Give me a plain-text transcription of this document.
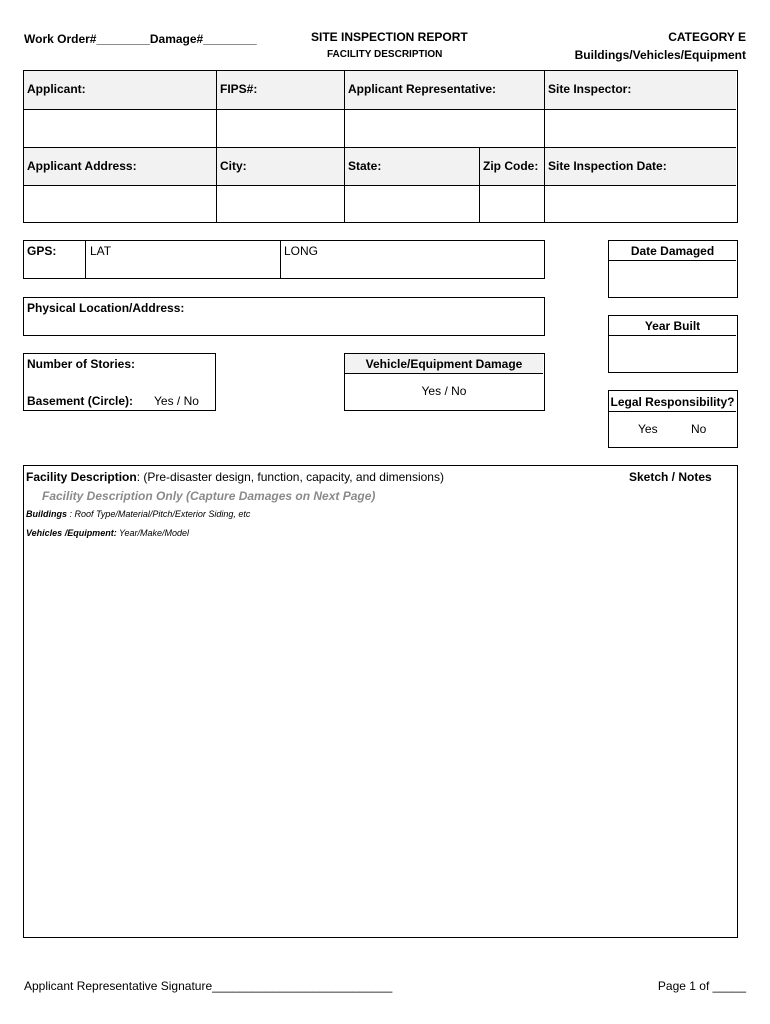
Work Order#________Damage#________	SITE INSPECTION REPORT
FACILITY DESCRIPTION
CATEGORY E
Buildings/Vehicles/Equipment
Applicant:	FIPS#:	Applicant Representative:	Site Inspector:
Applicant Address:	City:	State:	Zip Code: Site Inspection Date:
GPS:	LAT	LONG
Physical Location/Address:
Number of Stories:
Basement (Circle): Yes / No
Vehicle/Equipment Damage
Yes / No
Date Damaged
Year Built
Legal Responsibility?
Yes	No
Facility Description: (Pre-disaster design, function, capacity, and dimensions)	Sketch / Notes
Facility Description Only (Capture Damages on Next Page)
Buildings : Roof Type/Material/Pitch/Exterior Siding, etc
Vehicles /Equipment: Year/Make/Model
Applicant Representative Signature___________________________	Page 1 of _____
